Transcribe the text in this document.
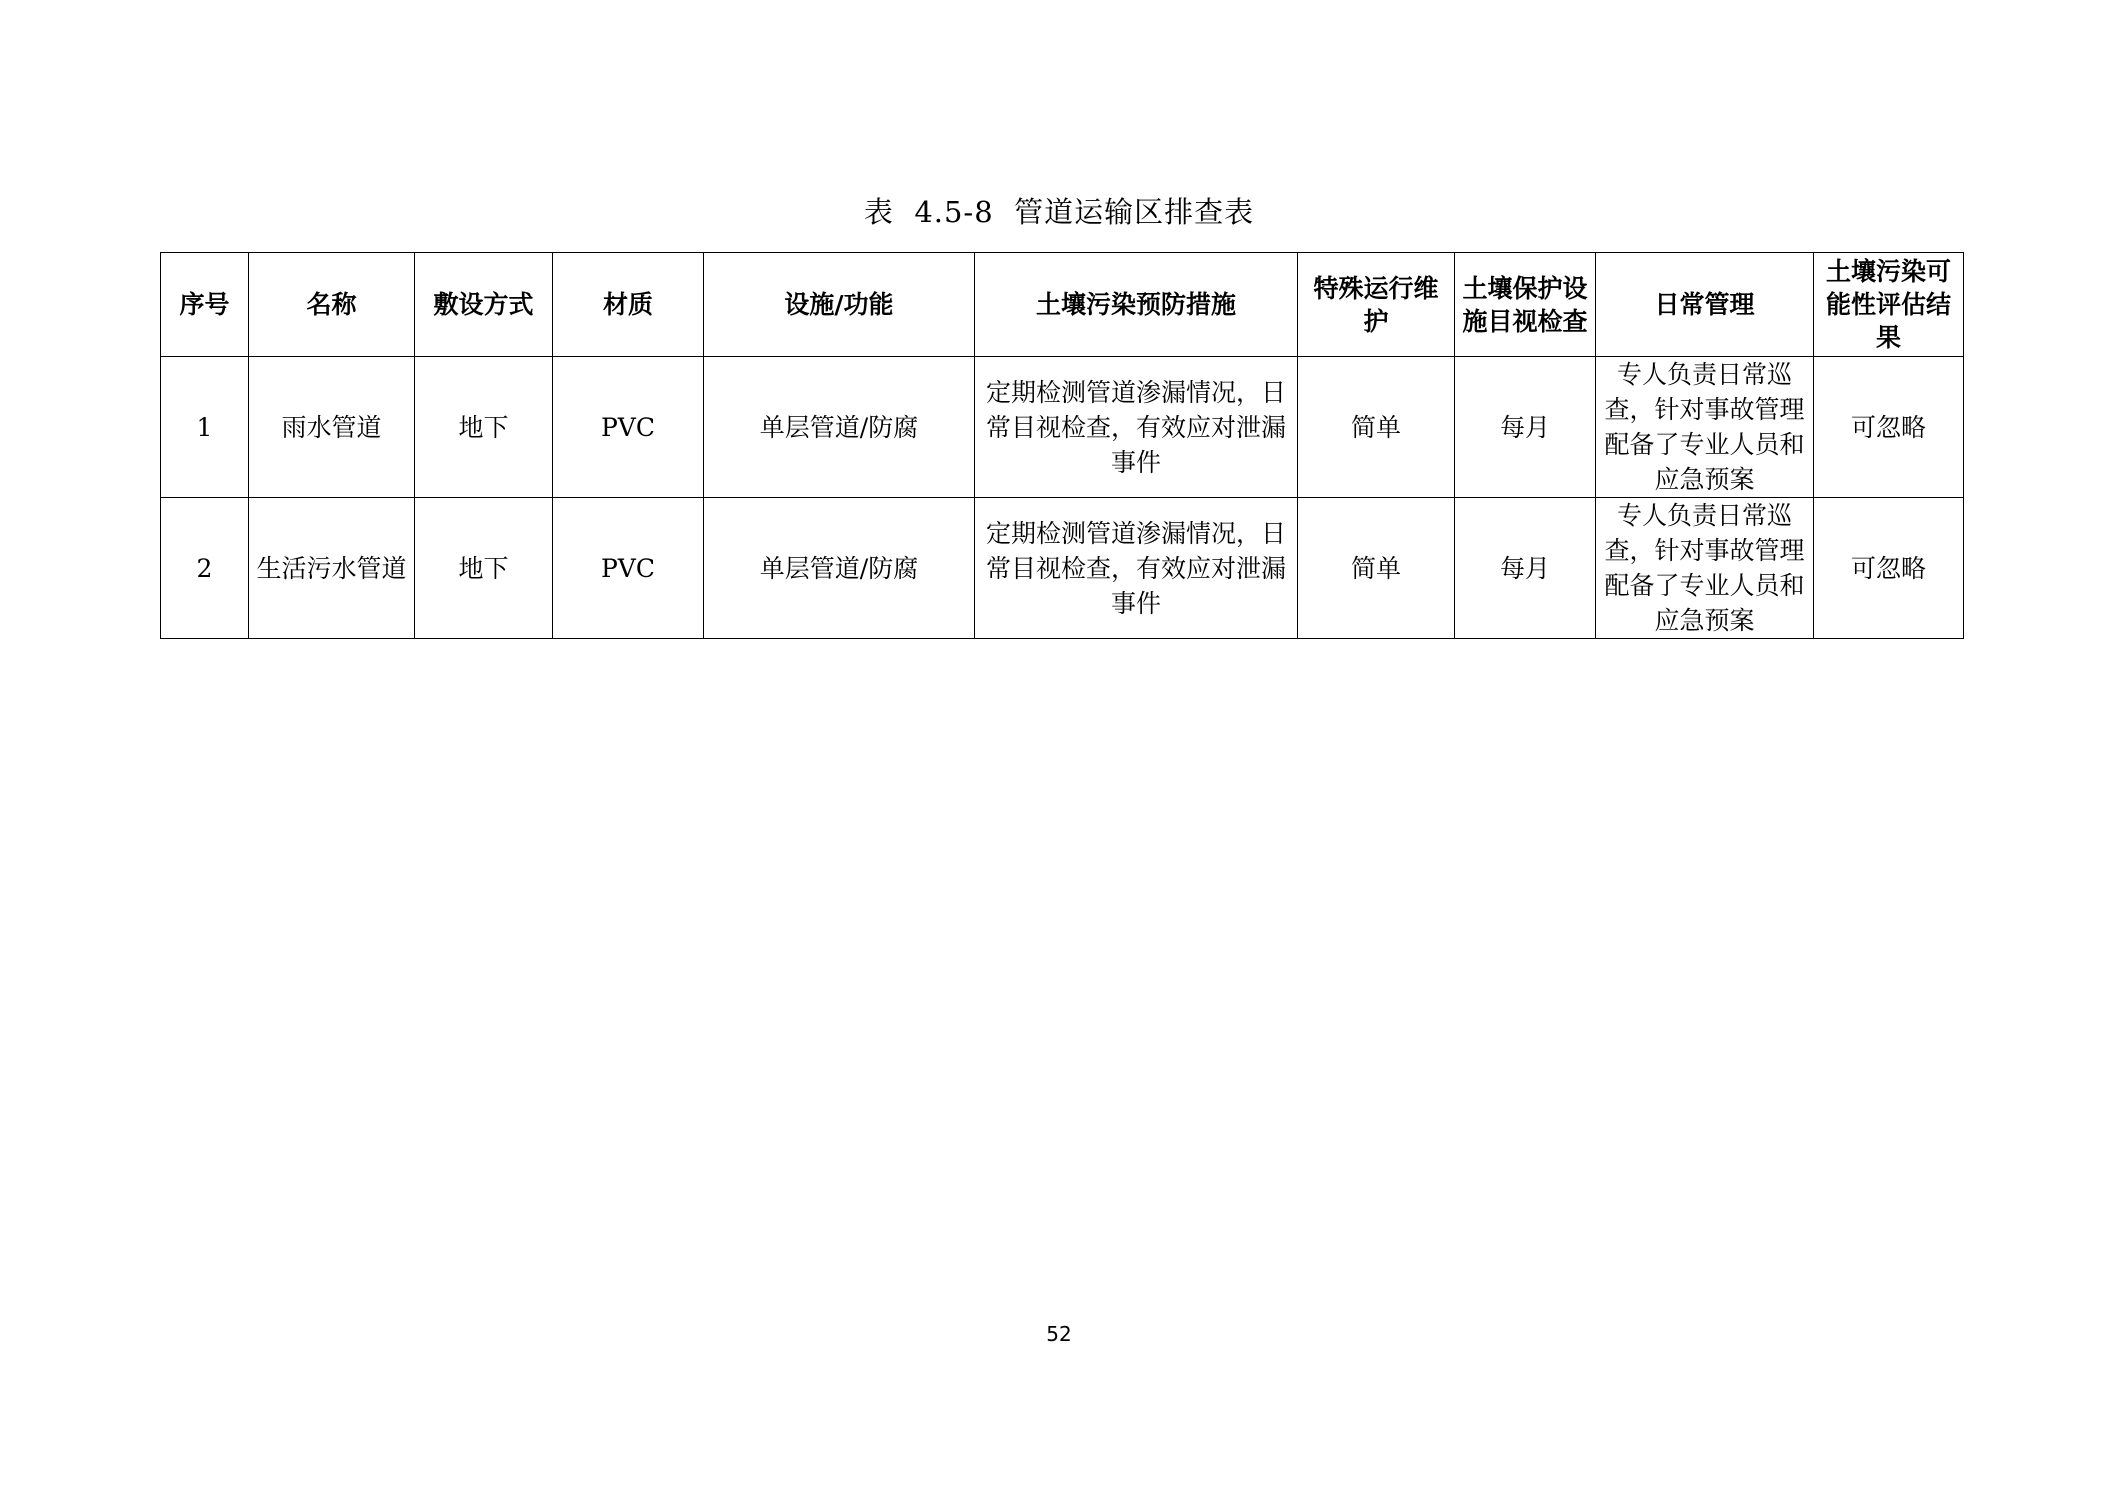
表 4.5-8 管道运输区排查表
序号	名称	敷设方式	材质	设施/功能	土壤污染预防措施	特殊运行维护	土壤保护设施目视检查	日常管理	土壤污染可能性评估结果
1	雨水管道	地下	PVC	单层管道/防腐	定期检测管道渗漏情况，日常目视检查，有效应对泄漏事件	简单	每月	专人负责日常巡查，针对事故管理配备了专业人员和应急预案	可忽略
2	生活污水管道	地下	PVC	单层管道/防腐	定期检测管道渗漏情况，日常目视检查，有效应对泄漏事件	简单	每月	专人负责日常巡查，针对事故管理配备了专业人员和应急预案	可忽略
52
